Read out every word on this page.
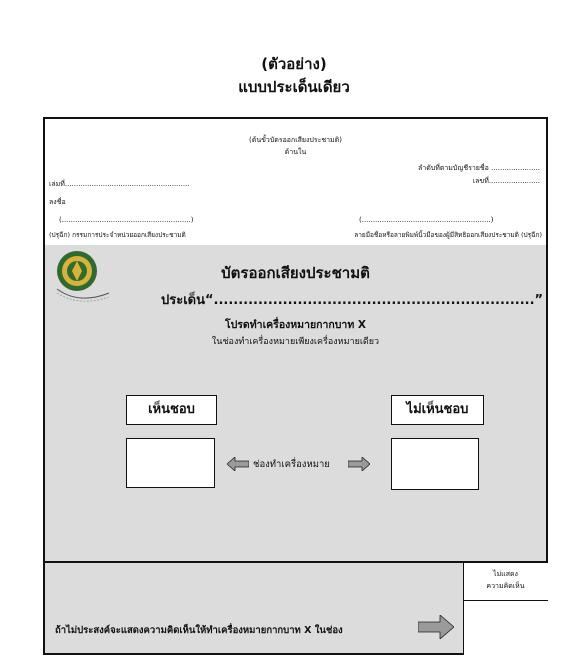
(ตัวอย่าง)
แบบประเด็นเดียว
(ต้นขั้วบัตรออกเสียงประชามติ)
ด้านใน
ลำดับที่ตามบัญชีรายชื่อ ......................
เล่มที่........................................................	เลขที่.......................
ลงชื่อ
(..........................................................)	(..........................................................)
(ปรุฉีก) กรรมการประจำหน่วยออกเสียงประชามติ	ลายมือชื่อหรือลายพิมพ์นิ้วมือของผู้มีสิทธิออกเสียงประชามติ (ปรุฉีก)
บัตรออกเสียงประชามติ
ประเด็น“.................................................................”
โปรดทำเครื่องหมายกากบาท X
ในช่องทำเครื่องหมายเพียงเครื่องหมายเดียว
เห็นชอบ	ไม่เห็นชอบ
ช่องทำเครื่องหมาย
ไม่แสดง
ความคิดเห็น
ถ้าไม่ประสงค์จะแสดงความคิดเห็นให้ทำเครื่องหมายกากบาท X ในช่อง
